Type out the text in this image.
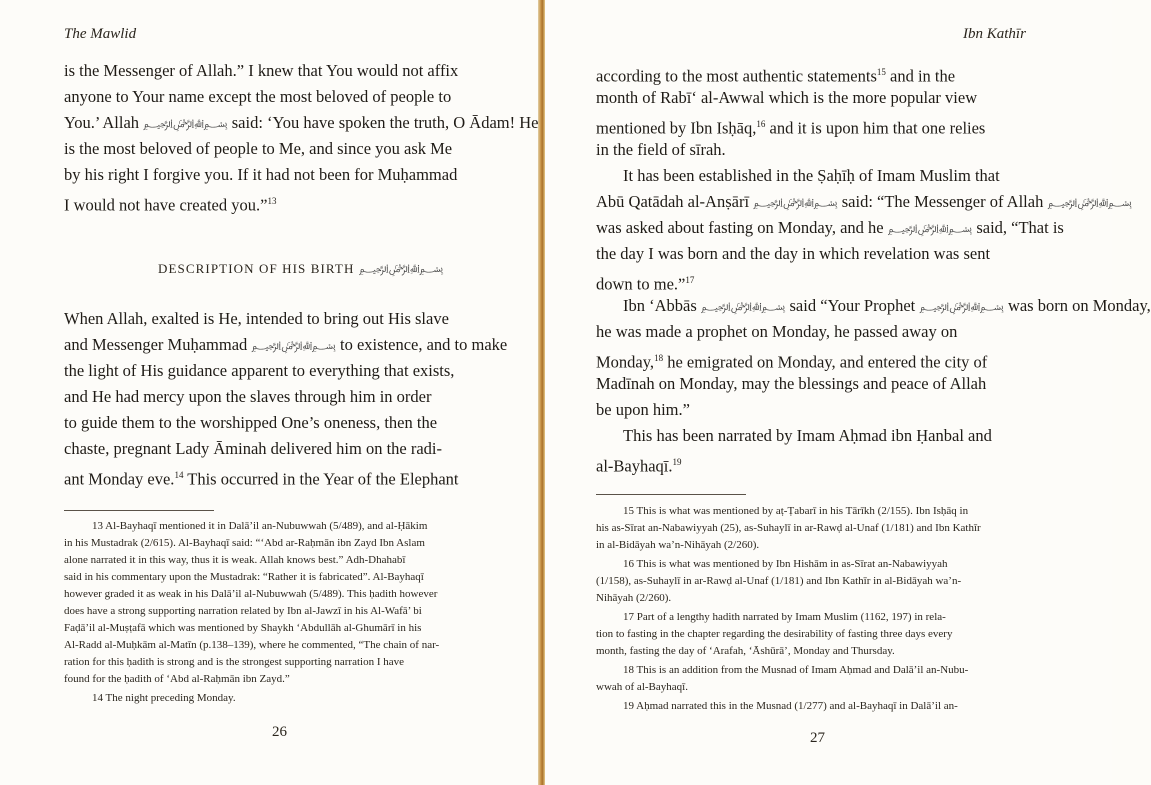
The Mawlid
is the Messenger of Allah.” I knew that You would not affix
anyone to Your name except the most beloved of people to
You.’ Allah ﷽ said: ‘You have spoken the truth, O Ādam! He
is the most beloved of people to Me, and since you ask Me
by his right I forgive you. If it had not been for Muḥammad
I would not have created you.”$^{13}$
DESCRIPTION OF HIS BIRTH ﷽
When Allah, exalted is He, intended to bring out His slave
and Messenger Muḥammad ﷽ to existence, and to make
the light of His guidance apparent to everything that exists,
and He had mercy upon the slaves through him in order
to guide them to the worshipped One’s oneness, then the
chaste, pregnant Lady Āminah delivered him on the radi-
ant Monday eve.$^{14}$ This occurred in the Year of the Elephant
13 Al-Bayhaqī mentioned it in Dalā’il an-Nubuwwah (5/489), and al-Ḥākim
in his Mustadrak (2/615). Al-Bayhaqī said: “‘Abd ar-Raḥmān ibn Zayd Ibn Aslam
alone narrated it in this way, thus it is weak. Allah knows best.” Adh-Dhahabī
said in his commentary upon the Mustadrak: “Rather it is fabricated”. Al-Bayhaqī
however graded it as weak in his Dalā’il al-Nubuwwah (5/489). This ḥadith however
does have a strong supporting narration related by Ibn al-Jawzī in his Al-Wafā’ bi
Faḍā’il al-Muṣṭafā which was mentioned by Shaykh ‘Abdullāh al-Ghumārī in his
Al-Radd al-Muḥkām al-Matīn (p.138–139), where he commented, “The chain of nar-
ration for this ḥadith is strong and is the strongest supporting narration I have
found for the ḥadith of ‘Abd al-Raḥmān ibn Zayd.”
14 The night preceding Monday.
26
Ibn Kathīr
according to the most authentic statements$^{15}$ and in the
month of Rabī‘ al-Awwal which is the more popular view
mentioned by Ibn Isḥāq,$^{16}$ and it is upon him that one relies
in the field of sīrah.
It has been established in the Ṣaḥīḥ of Imam Muslim that
Abū Qatādah al-Anṣārī ﷽ said: “The Messenger of Allah ﷽
was asked about fasting on Monday, and he ﷽ said, “That is
the day I was born and the day in which revelation was sent
down to me.”$^{17}$
Ibn ‘Abbās ﷽ said “Your Prophet ﷽ was born on Monday,
he was made a prophet on Monday, he passed away on
Monday,$^{18}$ he emigrated on Monday, and entered the city of
Madīnah on Monday, may the blessings and peace of Allah
be upon him.”
This has been narrated by Imam Aḥmad ibn Ḥanbal and
al-Bayhaqī.$^{19}$
15 This is what was mentioned by aṭ-Ṭabarī in his Tārīkh (2/155). Ibn Isḥāq in
his as-Sīrat an-Nabawiyyah (25), as-Suhaylī in ar-Rawḍ al-Unaf (1/181) and Ibn Kathīr
in al-Bidāyah wa’n-Nihāyah (2/260).
16 This is what was mentioned by Ibn Hishām in as-Sīrat an-Nabawiyyah
(1/158), as-Suhaylī in ar-Rawḍ al-Unaf (1/181) and Ibn Kathīr in al-Bidāyah wa’n-
Nihāyah (2/260).
17 Part of a lengthy hadith narrated by Imam Muslim (1162, 197) in rela-
tion to fasting in the chapter regarding the desirability of fasting three days every
month, fasting the day of ‘Arafah, ‘Āshūrā’, Monday and Thursday.
18 This is an addition from the Musnad of Imam Aḥmad and Dalā’il an-Nubu-
wwah of al-Bayhaqī.
19 Aḥmad narrated this in the Musnad (1/277) and al-Bayhaqī in Dalā’il an-
27
